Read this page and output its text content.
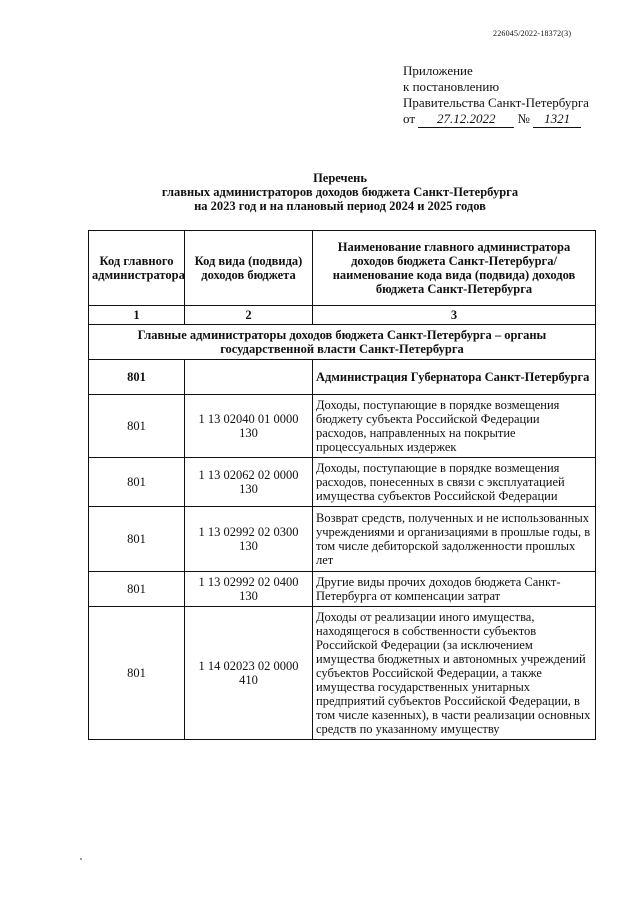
226045/2022-18372(3)
Приложение
к постановлению
Правительства Санкт-Петербурга
от 27.12.2022 № 1321
Перечень
главных администраторов доходов бюджета Санкт-Петербурга
на 2023 год и на плановый период 2024 и 2025 годов
Код главного администратора	Код вида (подвида) доходов бюджета	Наименование главного администратора доходов бюджета Санкт-Петербурга/ наименование кода вида (подвида) доходов бюджета Санкт-Петербурга
1	2	3
Главные администраторы доходов бюджета Санкт-Петербурга – органы государственной власти Санкт-Петербурга		
801		Администрация Губернатора Санкт-Петербурга
801	1 13 02040 01 0000 130	Доходы, поступающие в порядке возмещения бюджету субъекта Российской Федерации расходов, направленных на покрытие процессуальных издержек
801	1 13 02062 02 0000 130	Доходы, поступающие в порядке возмещения расходов, понесенных в связи с эксплуатацией имущества субъектов Российской Федерации
801	1 13 02992 02 0300 130	Возврат средств, полученных и не использованных учреждениями и организациями в прошлые годы, в том числе дебиторской задолженности прошлых лет
801	1 13 02992 02 0400 130	Другие виды прочих доходов бюджета Санкт-Петербурга от компенсации затрат
801	1 14 02023 02 0000 410	Доходы от реализации иного имущества, находящегося в собственности субъектов Российской Федерации (за исключением имущества бюджетных и автономных учреждений субъектов Российской Федерации, а также имущества государственных унитарных предприятий субъектов Российской Федерации, в том числе казенных), в части реализации основных средств по указанному имуществу
